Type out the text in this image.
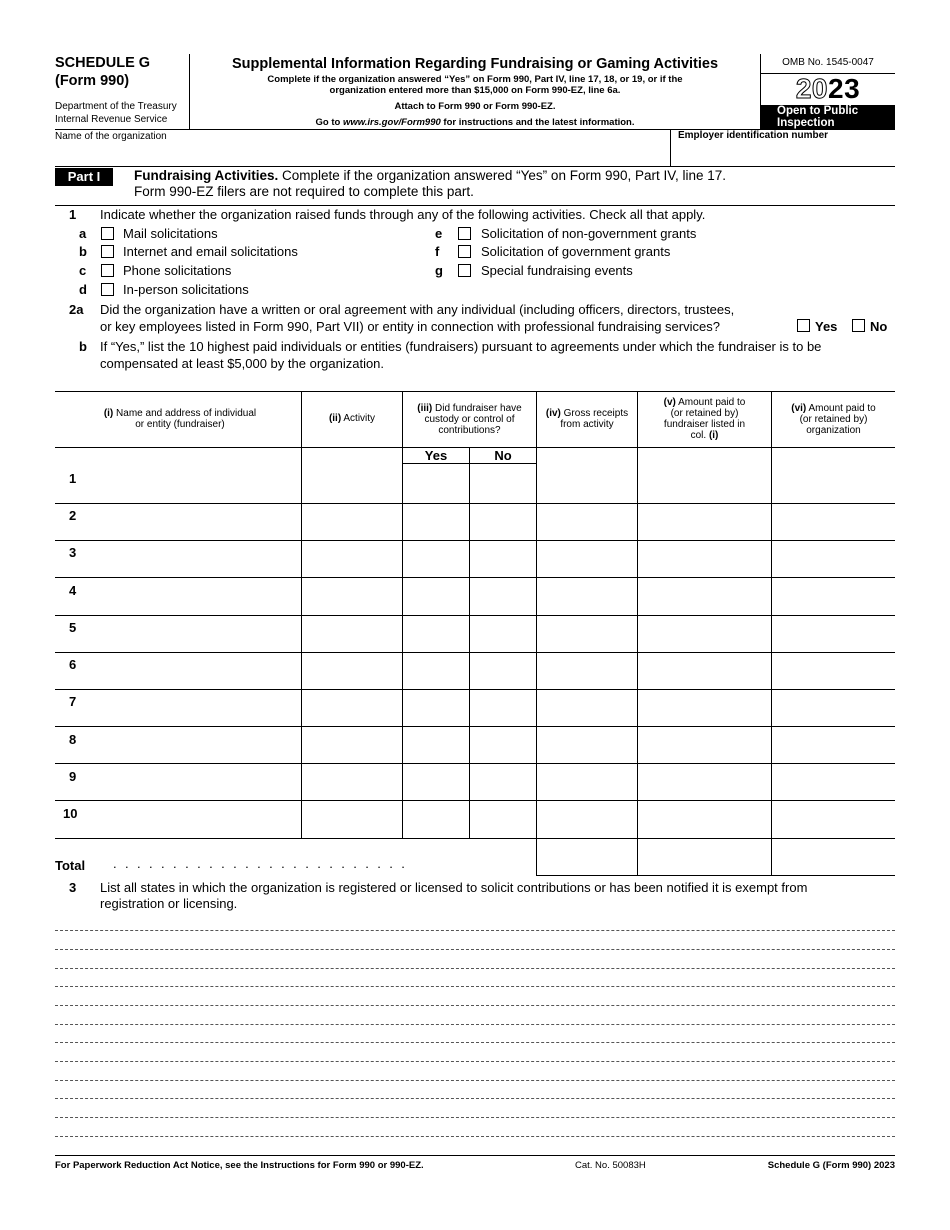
SCHEDULE G
(Form 990)
Department of the Treasury
Internal Revenue Service
Supplemental Information Regarding Fundraising or Gaming Activities
Complete if the organization answered “Yes” on Form 990, Part IV, line 17, 18, or 19, or if the
organization entered more than $15,000 on Form 990-EZ, line 6a.
Attach to Form 990 or Form 990-EZ.
Go to www.irs.gov/Form990 for instructions and the latest information.
OMB No. 1545-0047
2023
Open to Public
Inspection
Name of the organization	Employer identification number
Part I	Fundraising Activities. Complete if the organization answered “Yes” on Form 990, Part IV, line 17.
Form 990-EZ filers are not required to complete this part.
1 Indicate whether the organization raised funds through any of the following activities. Check all that apply.
a	Mail solicitations
b	Internet and email solicitations
c	Phone solicitations
d	In-person solicitations
e	Solicitation of non-government grants
f	Solicitation of government grants
g	Special fundraising events
2a Did the organization have a written or oral agreement with any individual (including officers, directors, trustees,
or key employees listed in Form 990, Part VII) or entity in connection with professional fundraising services?	Yes	No
b If “Yes,” list the 10 highest paid individuals or entities (fundraisers) pursuant to agreements under which the fundraiser is to be
compensated at least $5,000 by the organization.
(i) Name and address of individual
or entity (fundraiser)
(ii) Activity
(iii) Did fundraiser have
custody or control of
contributions?
(iv) Gross receipts
from activity
(v) Amount paid to
(or retained by)
fundraiser listed in
col. (i)
(vi) Amount paid to
(or retained by)
organization
Yes	No
1
2
3
4
5
6
7
8
9
10
Total .........................
3 List all states in which the organization is registered or licensed to solicit contributions or has been notified it is exempt from
registration or licensing.
For Paperwork Reduction Act Notice, see the Instructions for Form 990 or 990-EZ.	Cat. No. 50083H	Schedule G (Form 990) 2023
